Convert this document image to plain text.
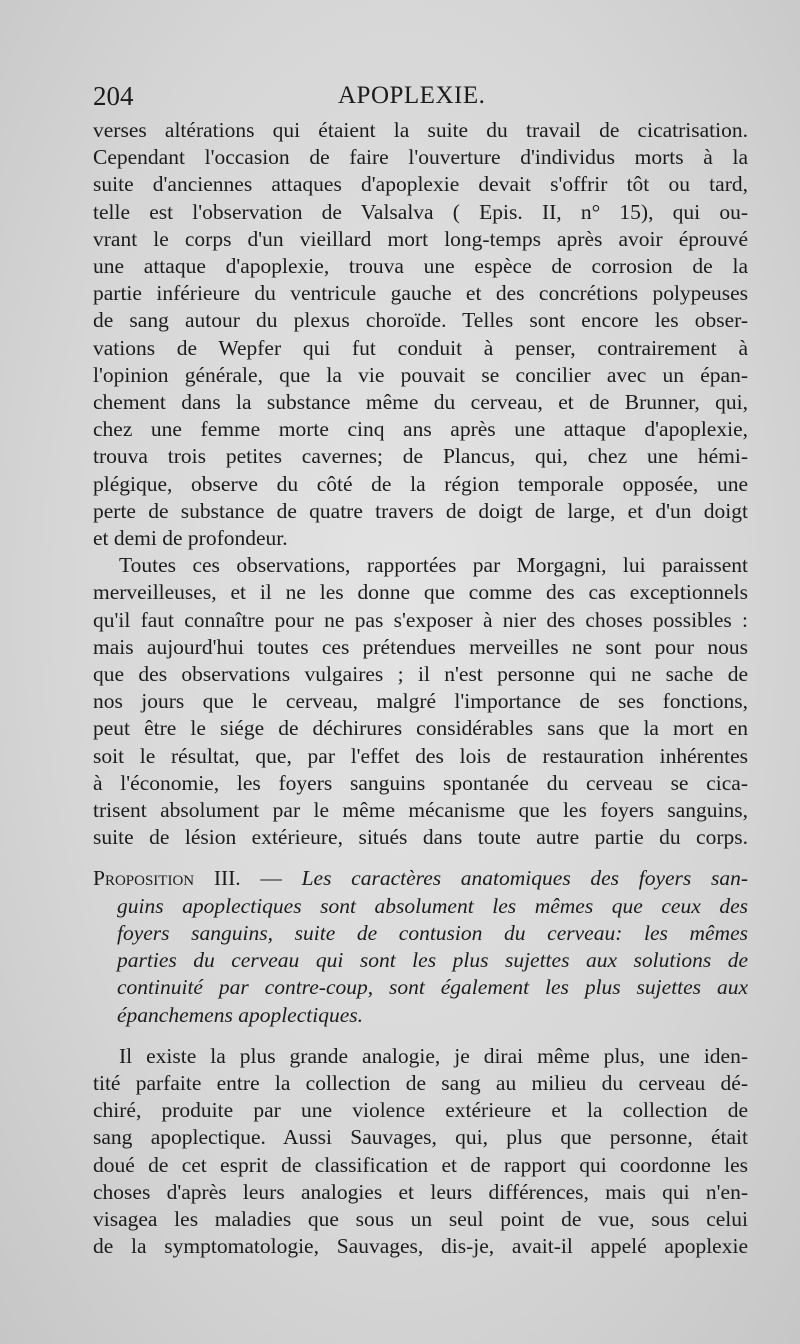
204	APOPLEXIE.

verses altérations qui étaient la suite du travail de cicatrisation.
Cependant l'occasion de faire l'ouverture d'individus morts à la
suite d'anciennes attaques d'apoplexie devait s'offrir tôt ou tard,
telle est l'observation de Valsalva ( Epis. II, n° 15), qui ou-
vrant le corps d'un vieillard mort long-temps après avoir éprouvé
une attaque d'apoplexie, trouva une espèce de corrosion de la
partie inférieure du ventricule gauche et des concrétions polypeuses
de sang autour du plexus choroïde. Telles sont encore les obser-
vations de Wepfer qui fut conduit à penser, contrairement à
l'opinion générale, que la vie pouvait se concilier avec un épan-
chement dans la substance même du cerveau, et de Brunner, qui,
chez une femme morte cinq ans après une attaque d'apoplexie,
trouva trois petites cavernes; de Plancus, qui, chez une hémi-
plégique, observe du côté de la région temporale opposée, une
perte de substance de quatre travers de doigt de large, et d'un doigt
et demi de profondeur.

Toutes ces observations, rapportées par Morgagni, lui paraissent
merveilleuses, et il ne les donne que comme des cas exceptionnels
qu'il faut connaître pour ne pas s'exposer à nier des choses possibles :
mais aujourd'hui toutes ces prétendues merveilles ne sont pour nous
que des observations vulgaires ; il n'est personne qui ne sache de
nos jours que le cerveau, malgré l'importance de ses fonctions,
peut être le siége de déchirures considérables sans que la mort en
soit le résultat, que, par l'effet des lois de restauration inhérentes
à l'économie, les foyers sanguins spontanée du cerveau se cica-
trisent absolument par le même mécanisme que les foyers sanguins,
suite de lésion extérieure, situés dans toute autre partie du corps.

Proposition III. — Les caractères anatomiques des foyers san-
guins apoplectiques sont absolument les mêmes que ceux des
foyers sanguins, suite de contusion du cerveau: les mêmes
parties du cerveau qui sont les plus sujettes aux solutions de
continuité par contre-coup, sont également les plus sujettes aux
épanchemens apoplectiques.

Il existe la plus grande analogie, je dirai même plus, une iden-
tité parfaite entre la collection de sang au milieu du cerveau dé-
chiré, produite par une violence extérieure et la collection de
sang apoplectique. Aussi Sauvages, qui, plus que personne, était
doué de cet esprit de classification et de rapport qui coordonne les
choses d'après leurs analogies et leurs différences, mais qui n'en-
visagea les maladies que sous un seul point de vue, sous celui
de la symptomatologie, Sauvages, dis-je, avait-il appelé apoplexie
